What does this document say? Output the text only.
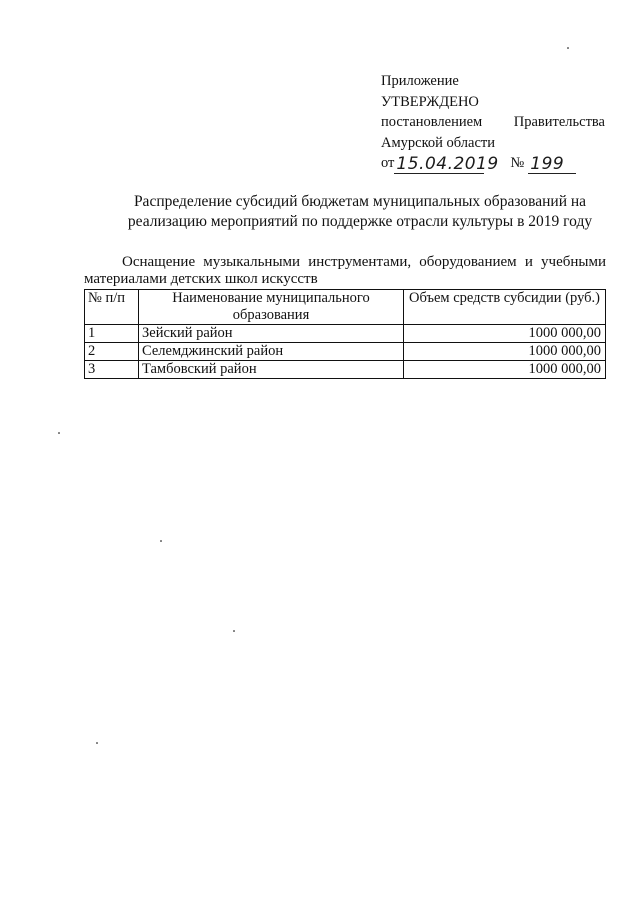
Приложение
УТВЕРЖДЕНО
постановлением Правительства
Амурской области
от 15.04.2019 № 199
Распределение субсидий бюджетам муниципальных образований на реализацию мероприятий по поддержке отрасли культуры в 2019 году
Оснащение музыкальными инструментами, оборудованием и учебными материалами детских школ искусств
№ п/п	Наименование муниципального образования	Объем средств субсидии (руб.)
1	Зейский район	1000 000,00
2	Селемджинский район	1000 000,00
3	Тамбовский район	1000 000,00
